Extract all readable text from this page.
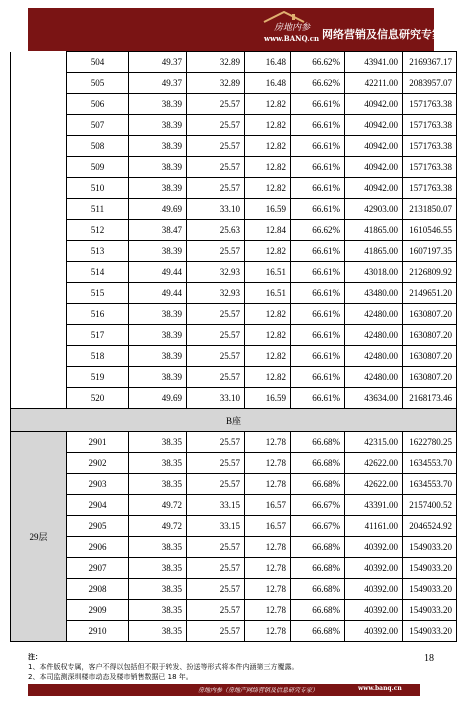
房地内参
www.BANQ.cn 网络营销及信息研究专家
	504	49.37	32.89	16.48	66.62%	43941.00	2169367.17
	505	49.37	32.89	16.48	66.62%	42211.00	2083957.07
	506	38.39	25.57	12.82	66.61%	40942.00	1571763.38
	507	38.39	25.57	12.82	66.61%	40942.00	1571763.38
	508	38.39	25.57	12.82	66.61%	40942.00	1571763.38
	509	38.39	25.57	12.82	66.61%	40942.00	1571763.38
	510	38.39	25.57	12.82	66.61%	40942.00	1571763.38
	511	49.69	33.10	16.59	66.61%	42903.00	2131850.07
	512	38.47	25.63	12.84	66.62%	41865.00	1610546.55
	513	38.39	25.57	12.82	66.61%	41865.00	1607197.35
	514	49.44	32.93	16.51	66.61%	43018.00	2126809.92
	515	49.44	32.93	16.51	66.61%	43480.00	2149651.20
	516	38.39	25.57	12.82	66.61%	42480.00	1630807.20
	517	38.39	25.57	12.82	66.61%	42480.00	1630807.20
	518	38.39	25.57	12.82	66.61%	42480.00	1630807.20
	519	38.39	25.57	12.82	66.61%	42480.00	1630807.20
	520	49.69	33.10	16.59	66.61%	43634.00	2168173.46
B座							
29层	2901	38.35	25.57	12.78	66.68%	42315.00	1622780.25
	2902	38.35	25.57	12.78	66.68%	42622.00	1634553.70
	2903	38.35	25.57	12.78	66.68%	42622.00	1634553.70
	2904	49.72	33.15	16.57	66.67%	43391.00	2157400.52
	2905	49.72	33.15	16.57	66.67%	41161.00	2046524.92
	2906	38.35	25.57	12.78	66.68%	40392.00	1549033.20
	2907	38.35	25.57	12.78	66.68%	40392.00	1549033.20
	2908	38.35	25.57	12.78	66.68%	40392.00	1549033.20
	2909	38.35	25.57	12.78	66.68%	40392.00	1549033.20
	2910	38.35	25.57	12.78	66.68%	40392.00	1549033.20
注：
1、本件版权专属，客户不得以包括但不限于转发、扮送等形式将本件内涵第三方覆露。
2、本司监测深圳楼市动态及楼市销售数据已 18 年。
18
房地内参（房地产网络营销及信息研究专家）	www.banq.cn
